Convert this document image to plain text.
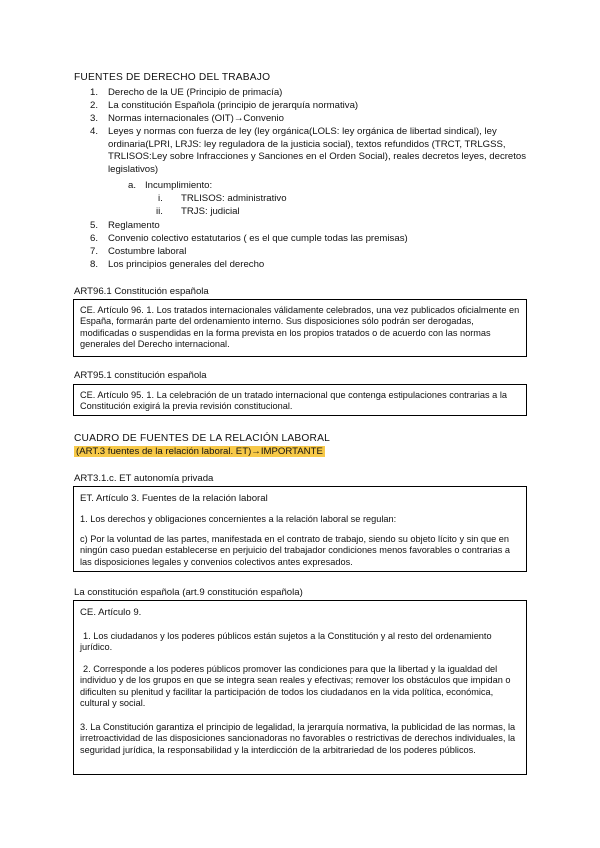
FUENTES DE DERECHO DEL TRABAJO
1. Derecho de la UE (Principio de primacía)
2. La constitución Española (principio de jerarquía normativa)
3. Normas internacionales (OIT)→Convenio
4. Leyes y normas con fuerza de ley (ley orgánica(LOLS: ley orgánica de libertad sindical), ley ordinaria(LPRI, LRJS: ley reguladora de la justicia social), textos refundidos (TRCT, TRLGSS, TRLISOS:Ley sobre Infracciones y Sanciones en el Orden Social), reales decretos leyes, decretos legislativos)
a. Incumplimiento:
i. TRLISOS: administrativo
ii. TRJS: judicial
5. Reglamento
6. Convenio colectivo estatutarios ( es el que cumple todas las premisas)
7. Costumbre laboral
8. Los principios generales del derecho
ART96.1 Constitución española

CE. Artículo 96. 1. Los tratados internacionales válidamente celebrados, una vez publicados oficialmente en España, formarán parte del ordenamiento interno. Sus disposiciones sólo podrán ser derogadas, modificadas o suspendidas en la forma prevista en los propios tratados o de acuerdo con las normas generales del Derecho internacional.

ART95.1 constitución española

CE. Artículo 95. 1. La celebración de un tratado internacional que contenga estipulaciones contrarias a la Constitución exigirá la previa revisión constitucional.

CUADRO DE FUENTES DE LA RELACIÓN LABORAL
(ART.3 fuentes de la relación laboral. ET)→IMPORTANTE
ART3.1.c. ET autonomía privada

ET. Artículo 3. Fuentes de la relación laboral

1. Los derechos y obligaciones concernientes a la relación laboral se regulan:

c) Por la voluntad de las partes, manifestada en el contrato de trabajo, siendo su objeto lícito y sin que en ningún caso puedan establecerse en perjuicio del trabajador condiciones menos favorables o contrarias a las disposiciones legales y convenios colectivos antes expresados.

La constitución española (art.9 constitución española)

CE. Artículo 9.

1. Los ciudadanos y los poderes públicos están sujetos a la Constitución y al resto del ordenamiento jurídico.

2. Corresponde a los poderes públicos promover las condiciones para que la libertad y la igualdad del individuo y de los grupos en que se integra sean reales y efectivas; remover los obstáculos que impidan o dificulten su plenitud y facilitar la participación de todos los ciudadanos en la vida política, económica, cultural y social.

3. La Constitución garantiza el principio de legalidad, la jerarquía normativa, la publicidad de las normas, la irretroactividad de las disposiciones sancionadoras no favorables o restrictivas de derechos individuales, la seguridad jurídica, la responsabilidad y la interdicción de la arbitrariedad de los poderes públicos.
